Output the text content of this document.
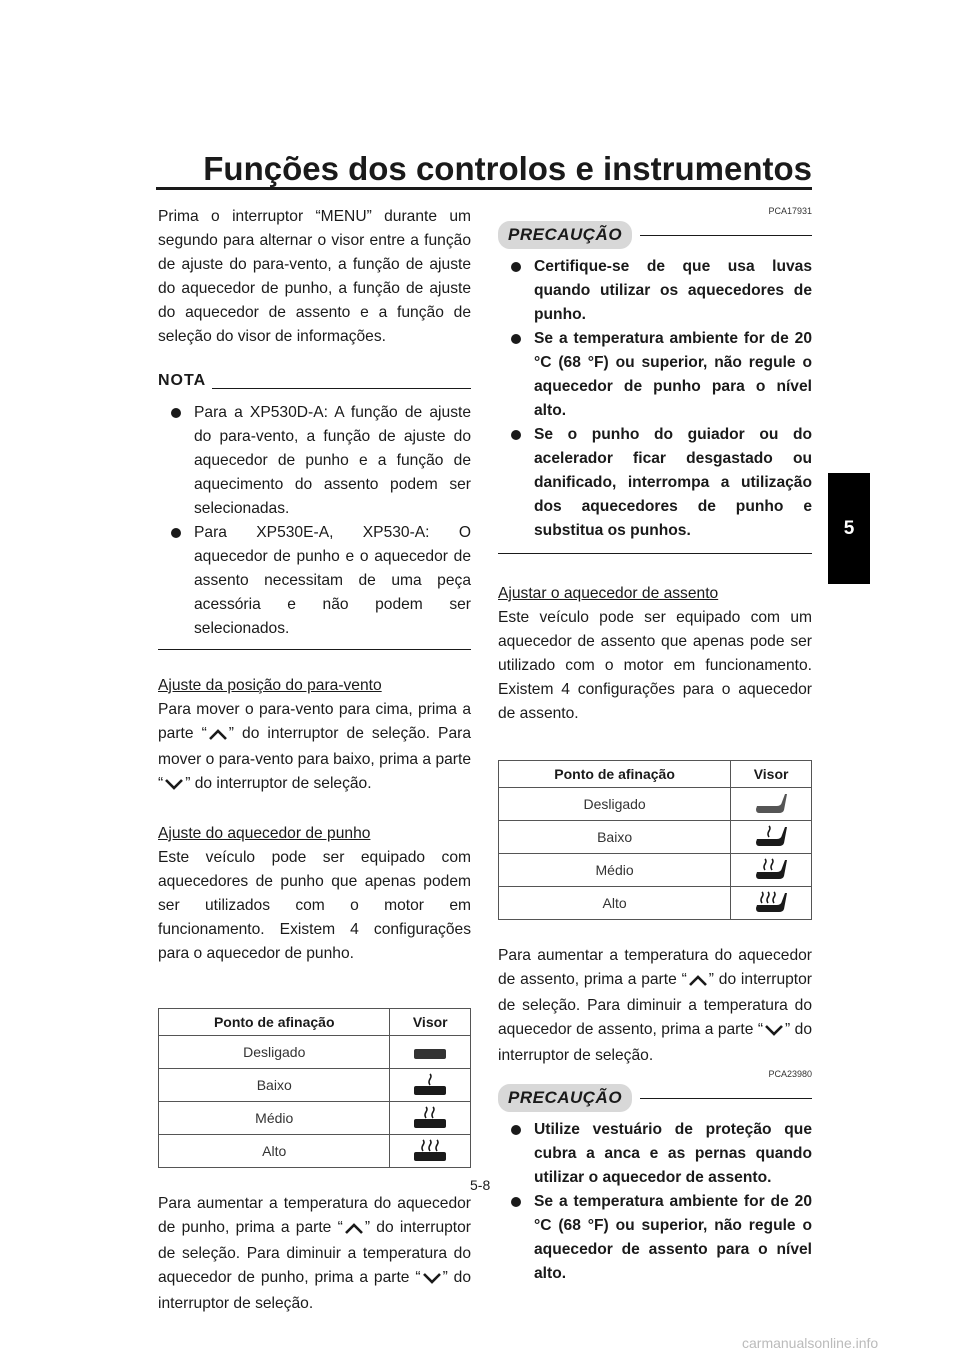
Funções dos controlos e instrumentos
5

Prima o interruptor “MENU” durante um segundo para alternar o visor entre a função de ajuste do para-vento, a função de ajuste do aquecedor de punho, a função de ajuste do aquecedor de assento e a função de seleção do visor de informações.

NOTA
Para a XP530D-A: A função de ajuste do para-vento, a função de ajuste do aquecedor de punho e a função de aquecimento do assento podem ser selecionadas.
Para XP530E-A, XP530-A: O aquecedor de punho e o aquecedor de assento necessitam de uma peça acessória e não podem ser selecionados.
Ajuste da posição do para-vento

Para mover o para-vento para cima, prima a parte “ ” do interruptor de seleção. Para mover o para-vento para baixo, prima a parte “ ” do interruptor de seleção.

Ajuste do aquecedor de punho

Este veículo pode ser equipado com aquecedores de punho que apenas podem ser utilizados com o motor em funcionamento. Existem 4 configurações para o aquecedor de punho.

Ponto de afinação	Visor
Desligado	

Baixo	

Médio	

Alto	

Para aumentar a temperatura do aquecedor de punho, prima a parte “ ” do interruptor de seleção. Para diminuir a temperatura do aquecedor de punho, prima a parte “ ” do interruptor de seleção.

PCA17931
PRECAUÇÃO
Certifique-se de que usa luvas quando utilizar os aquecedores de punho.
Se a temperatura ambiente for de 20 °C (68 °F) ou superior, não regule o aquecedor de punho para o nível alto.
Se o punho do guiador ou do acelerador ficar desgastado ou danificado, interrompa a utilização dos aquecedores de punho e substitua os punhos.
Ajustar o aquecedor de assento

Este veículo pode ser equipado com um aquecedor de assento que apenas pode ser utilizado com o motor em funcionamento. Existem 4 configurações para o aquecedor de assento.

Ponto de afinação	Visor
Desligado	

Baixo	

Médio	

Alto	

Para aumentar a temperatura do aquecedor de assento, prima a parte “ ” do interruptor de seleção. Para diminuir a temperatura do aquecedor de assento, prima a parte “ ” do interruptor de seleção.

PCA23980
PRECAUÇÃO
Utilize vestuário de proteção que cubra a anca e as pernas quando utilizar o aquecedor de assento.
Se a temperatura ambiente for de 20 °C (68 °F) ou superior, não regule o aquecedor de assento para o nível alto.
5-8
carmanualsonline.info
